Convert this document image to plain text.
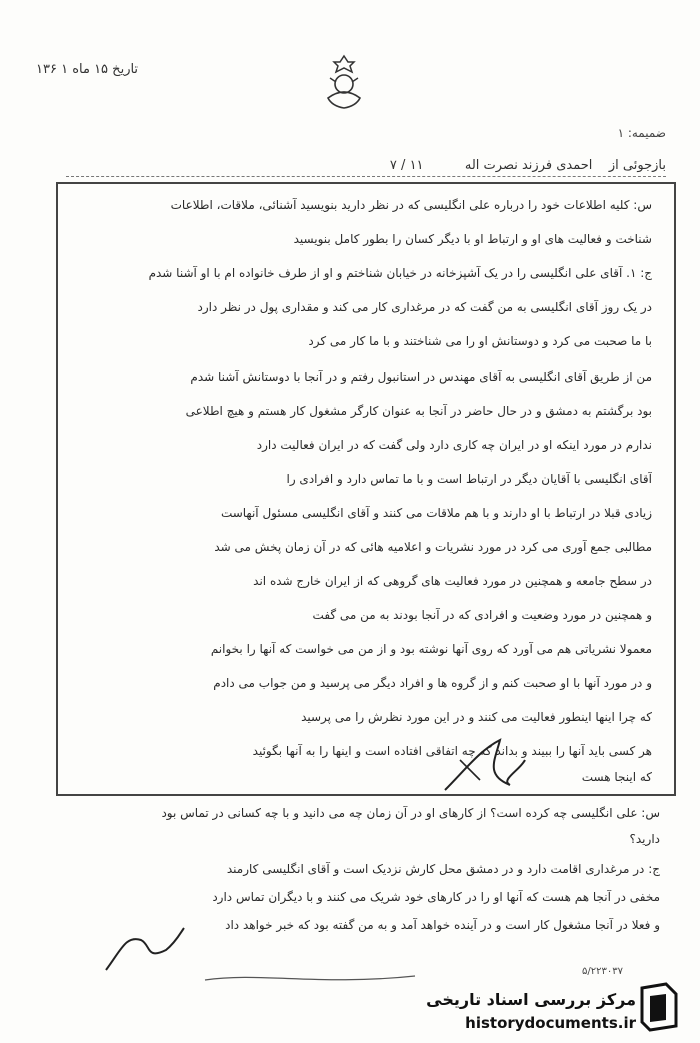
تاریخ ۱۵ ماه ۱ ۱۳۶
ضمیمه: ۱
بازجوئی از    احمدی فرزند نصرت اله          ۱۱ / ۷
س: کلیه اطلاعات خود را درباره علی انگلیسی که در نظر دارید بنویسید آشنائی، ملاقات، اطلاعات
شناخت و فعالیت های او و ارتباط او با دیگر کسان را بطور کامل بنویسید
ج: ۱. آقای علی انگلیسی را در یک آشپزخانه در خیابان شناختم و او از طرف خانواده ام با او آشنا شدم
در یک روز آقای انگلیسی به من گفت که در مرغداری کار می کند و مقداری پول در نظر دارد
با ما صحبت می کرد و دوستانش او را می شناختند و با ما کار می کرد
من از طریق آقای انگلیسی به آقای مهندس در استانبول رفتم و در آنجا با دوستانش آشنا شدم
بود برگشتم به دمشق و در حال حاضر در آنجا به عنوان کارگر مشغول کار هستم و هیچ اطلاعی
ندارم در مورد اینکه او در ایران چه کاری دارد ولی گفت که در ایران فعالیت دارد
آقای انگلیسی با آقایان دیگر در ارتباط است و با ما تماس دارد و افرادی را
زیادی قبلا در ارتباط با او دارند و با هم ملاقات می کنند و آقای انگلیسی مسئول آنهاست
مطالبی جمع آوری می کرد در مورد نشریات و اعلامیه هائی که در آن زمان پخش می شد
در سطح جامعه و همچنین در مورد فعالیت های گروهی که از ایران خارج شده اند
و همچنین در مورد وضعیت و افرادی که در آنجا بودند به من می گفت
معمولا نشریاتی هم می آورد که روی آنها نوشته بود و از من می خواست که آنها را بخوانم
و در مورد آنها با او صحبت کنم و از گروه ها و افراد دیگر می پرسید و من جواب می دادم
که چرا اینها اینطور فعالیت می کنند و در این مورد نظرش را می پرسید
هر کسی باید آنها را ببیند و بداند که چه اتفاقی افتاده است و اینها را به آنها بگوئید
که اینجا هست
س: علی انگلیسی چه کرده است؟ از کارهای او در آن زمان چه می دانید و با چه کسانی در تماس بود
دارید؟
ج: در مرغداری اقامت دارد و در دمشق محل کارش نزدیک است و آقای انگلیسی کارمند
مخفی در آنجا هم هست که آنها او را در کارهای خود شریک می کنند و با دیگران تماس دارد
و فعلا در آنجا مشغول کار است و در آینده خواهد آمد و به من گفته بود که خبر خواهد داد
۵/۲۲۳۰۳۷
مرکز بررسی اسناد تاریخی
historydocuments.ir
